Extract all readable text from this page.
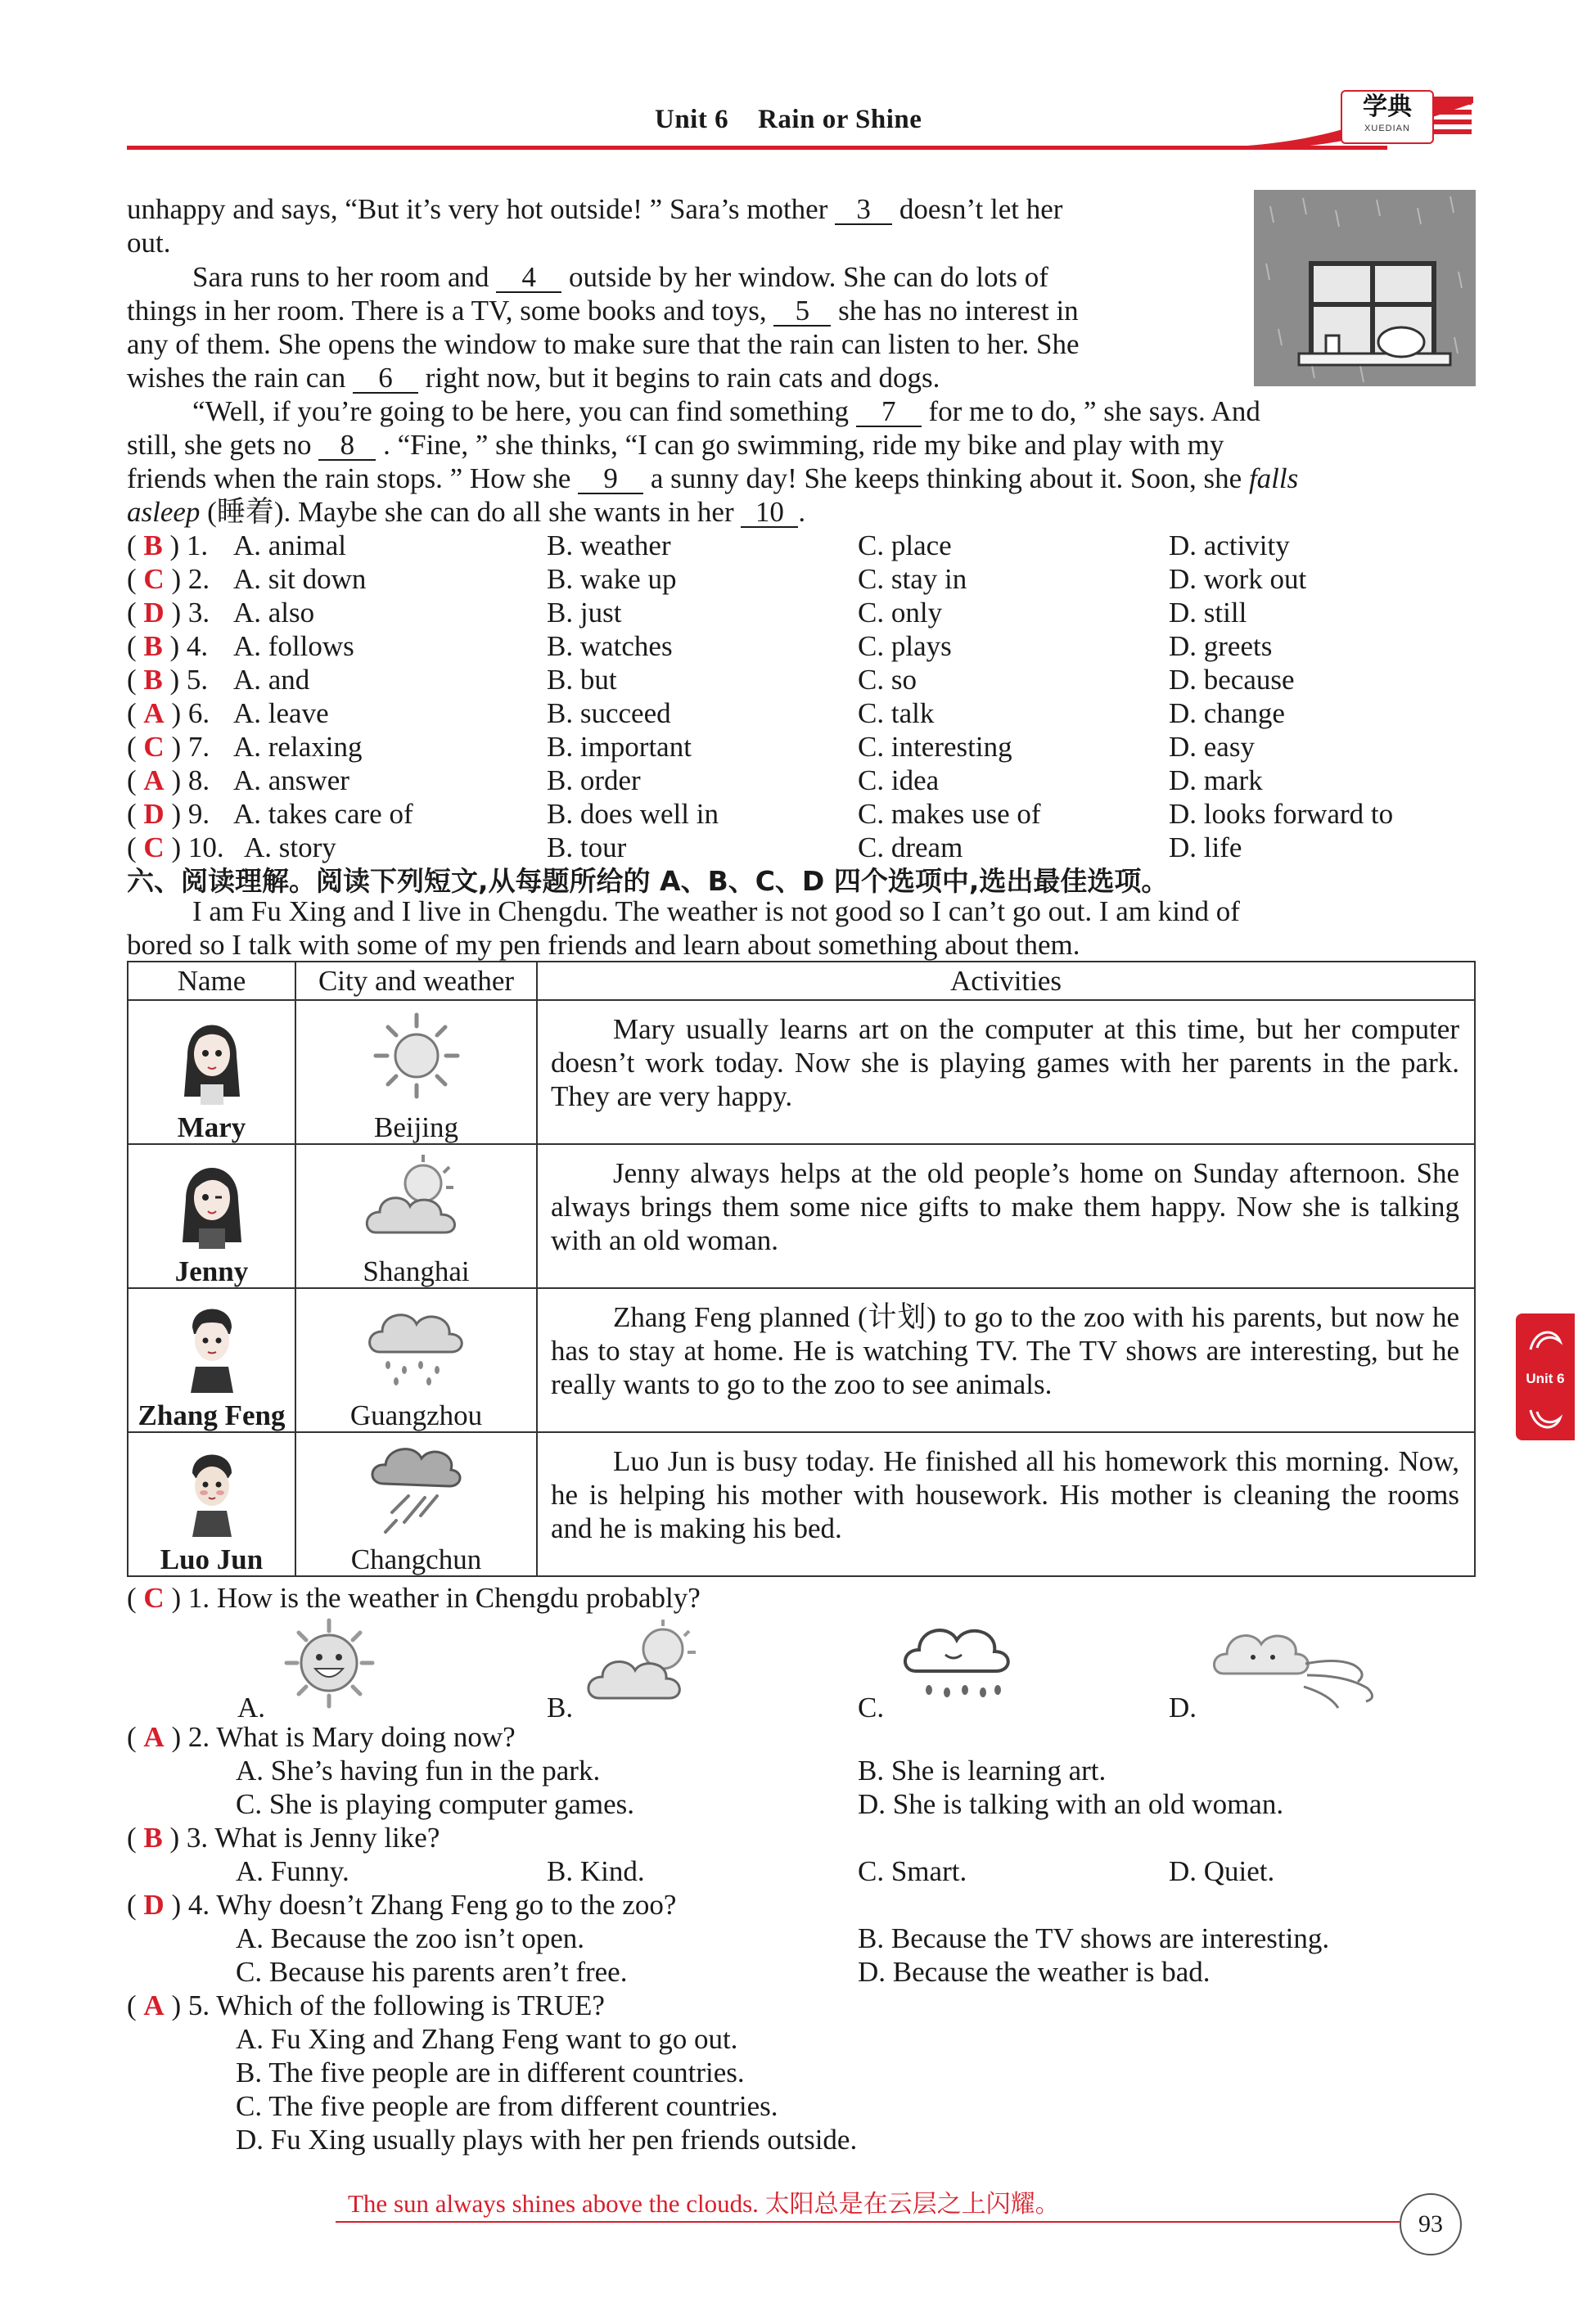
Unit 6 Rain or Shine	学典
XUEDIAN
unhappy and says, “But it’s very hot outside! ” Sara’s mother 3 doesn’t let her
out.
Sara runs to her room and 4 outside by her window. She can do lots of
things in her room. There is a TV, some books and toys, 5 she has no interest in
any of them. She opens the window to make sure that the rain can listen to her. She
wishes the rain can 6 right now, but it begins to rain cats and dogs.
“Well, if you’re going to be here, you can find something 7 for me to do, ” she says. And
still, she gets no 8 . “Fine, ” she thinks, “I can go swimming, ride my bike and play with my
friends when the rain stops. ” How she 9 a sunny day! She keeps thinking about it. Soon, she falls
asleep (睡着). Maybe she can do all she wants in her 10 .
( B ) 1. A. animal	B. weather	C. place	D. activity
( C ) 2. A. sit down	B. wake up	C. stay in	D. work out
( D ) 3. A. also	B. just	C. only	D. still
( B ) 4. A. follows	B. watches	C. plays	D. greets
( B ) 5. A. and	B. but	C. so	D. because
( A ) 6. A. leave	B. succeed	C. talk	D. change
( C ) 7. A. relaxing	B. important	C. interesting	D. easy
( A ) 8. A. answer	B. order	C. idea	D. mark
( D ) 9. A. takes care of	B. does well in	C. makes use of	D. looks forward to
( C ) 10. A. story	B. tour	C. dream	D. life
六、阅读理解。阅读下列短文,从每题所给的 A、B、C、D 四个选项中,选出最佳选项。
I am Fu Xing and I live in Chengdu. The weather is not good so I can’t go out. I am kind of
bored so I talk with some of my pen friends and learn about something about them.
Name	City and weather	Activities

Mary	Beijing	Mary usually learns art on the computer at this time, but her computer doesn’t work today. Now she is playing games with her parents in the park. They are very happy.

Jenny	Shanghai	Jenny always helps at the old people’s home on Sunday afternoon. She always brings them some nice gifts to make them happy. Now she is talking with an old woman.

Zhang Feng	Guangzhou	Zhang Feng planned (计划) to go to the zoo with his parents, but now he has to stay at home. He is watching TV. The TV shows are interesting, but he really wants to go to the zoo to see animals.

Luo Jun	Changchun	Luo Jun is busy today. He finished all his homework this morning. Now, he is helping his mother with housework. His mother is cleaning the rooms and he is making his bed.
( C ) 1. How is the weather in Chengdu probably?
A.	B.	C.	D.
( A ) 2. What is Mary doing now?
A. She’s having fun in the park.	B. She is learning art.
C. She is playing computer games.	D. She is talking with an old woman.
( B ) 3. What is Jenny like?
A. Funny.	B. Kind.	C. Smart.	D. Quiet.
( D ) 4. Why doesn’t Zhang Feng go to the zoo?
A. Because the zoo isn’t open.	B. Because the TV shows are interesting.
C. Because his parents aren’t free.	D. Because the weather is bad.
( A ) 5. Which of the following is TRUE?
A. Fu Xing and Zhang Feng want to go out.
B. The five people are in different countries.
C. The five people are from different countries.
D. Fu Xing usually plays with her pen friends outside.
Unit 6
The sun always shines above the clouds. 太阳总是在云层之上闪耀。
93
